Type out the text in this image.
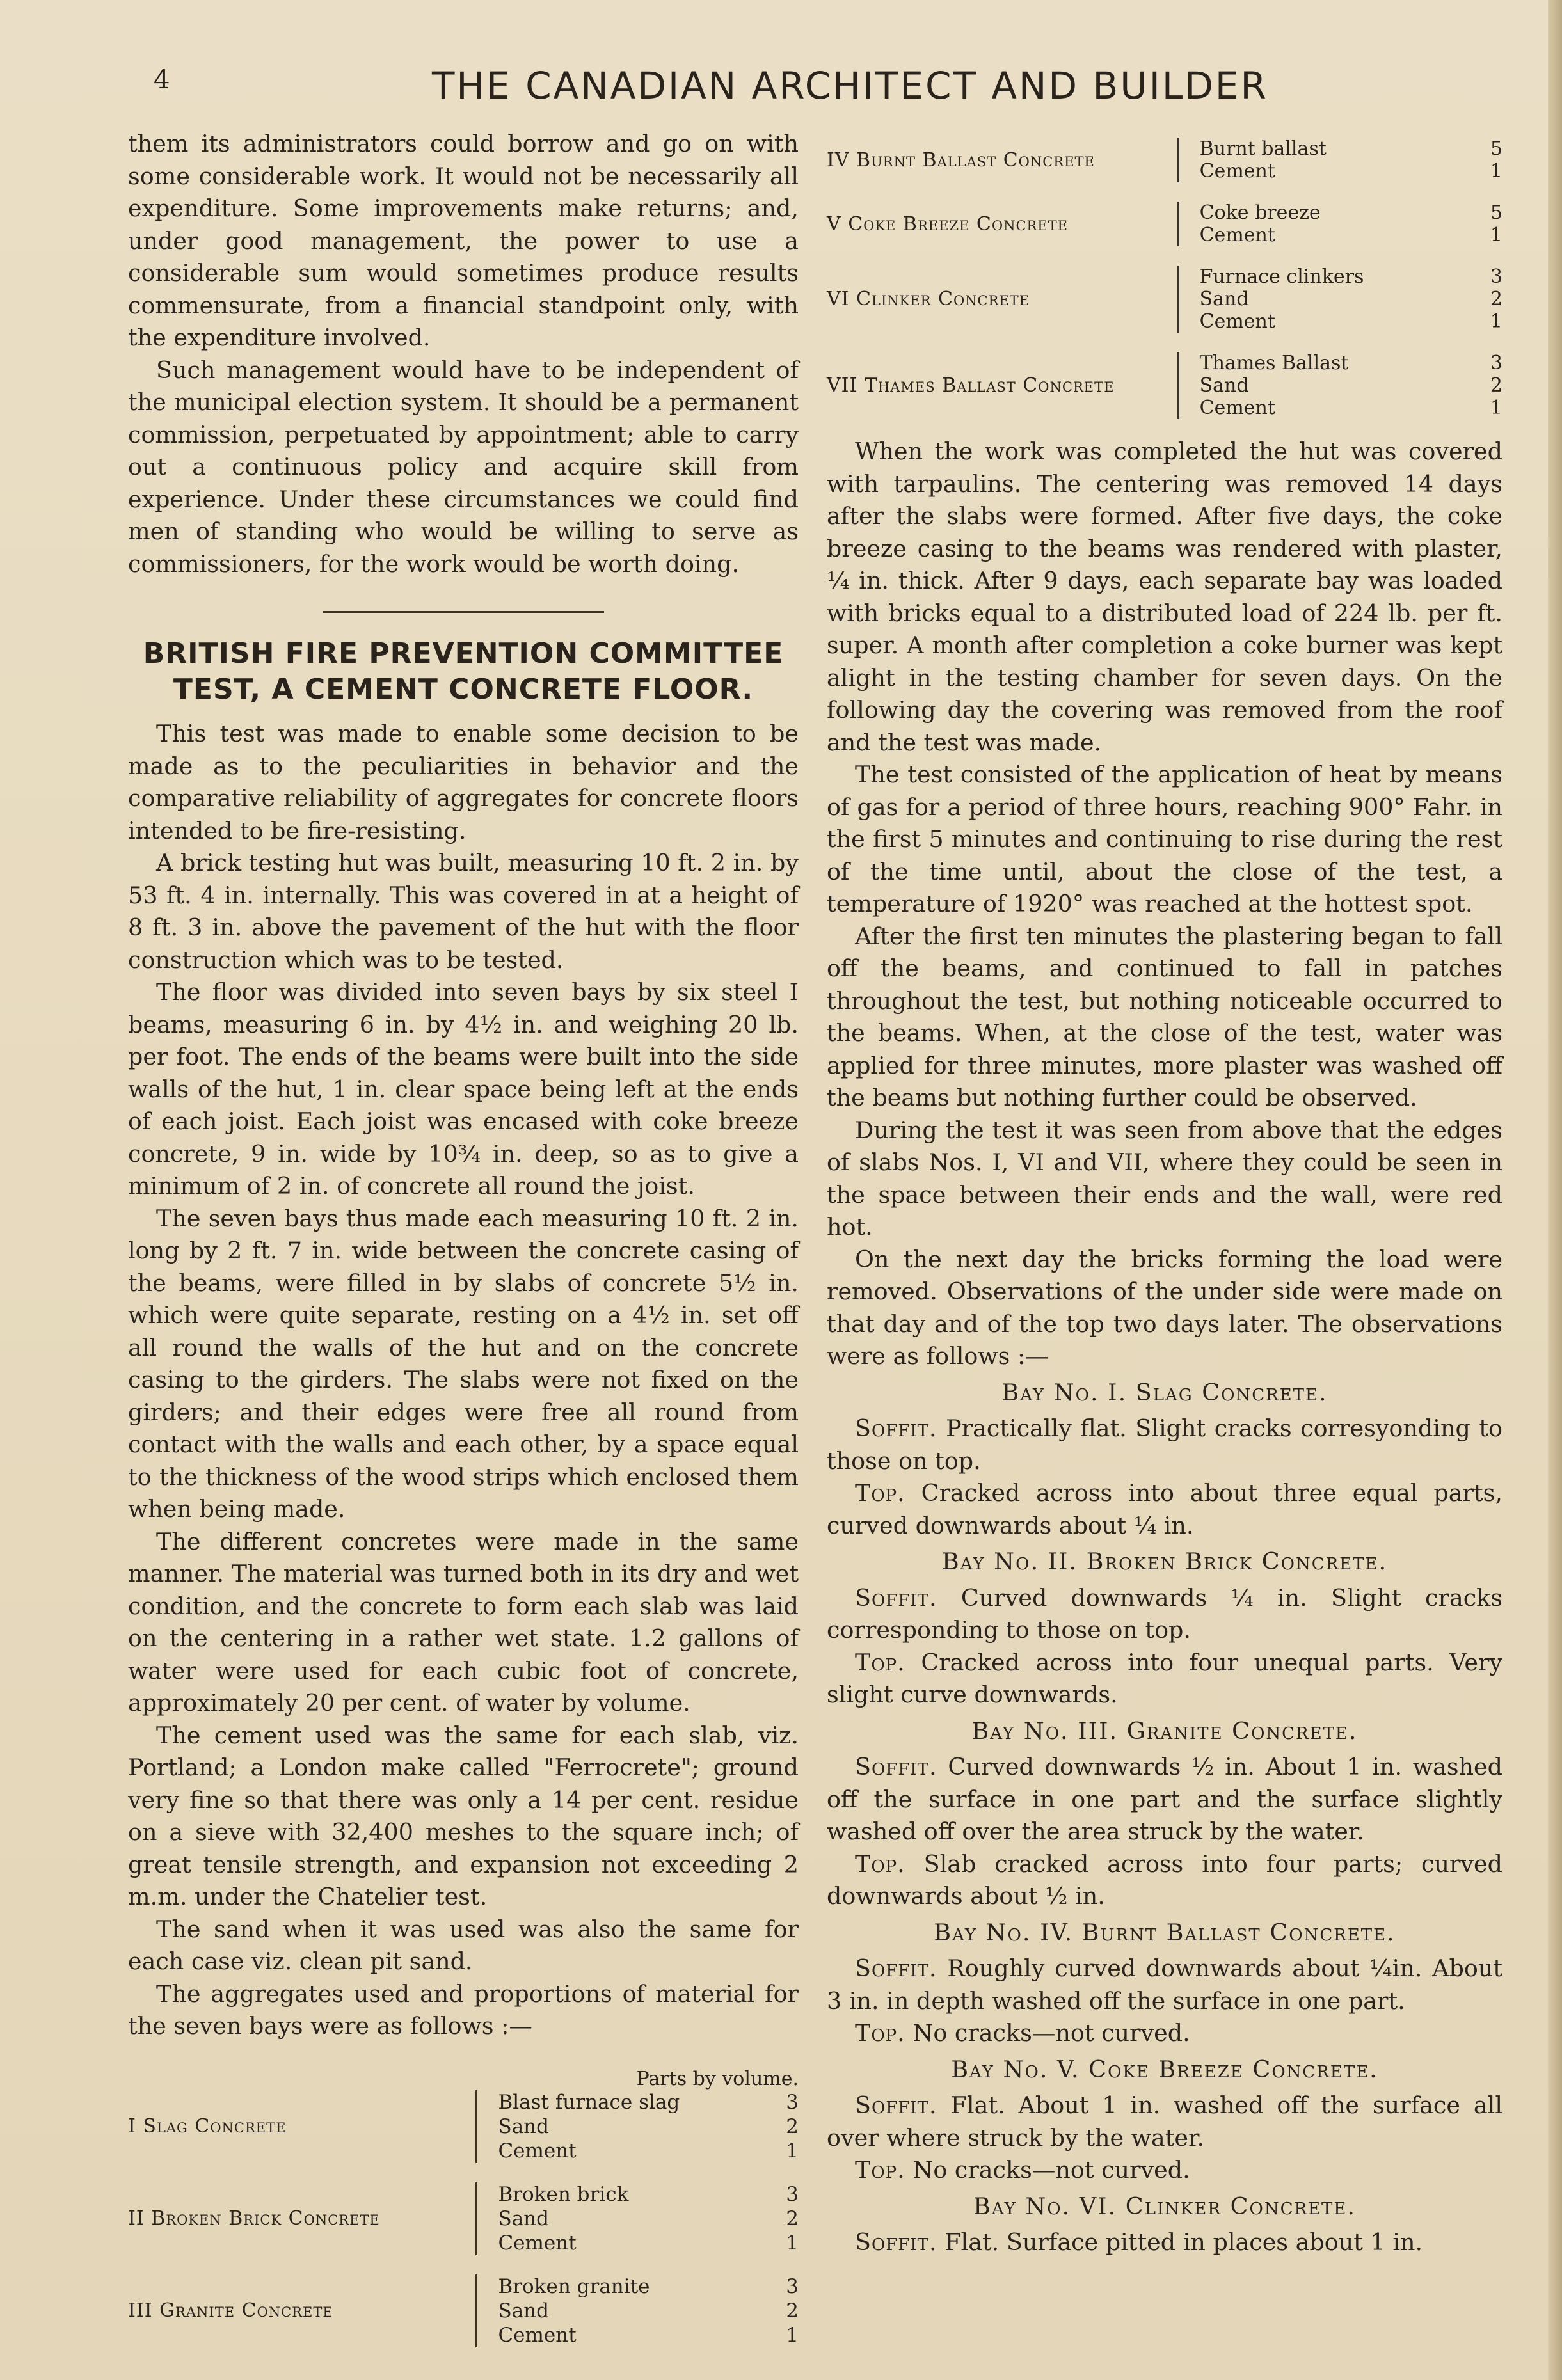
4	THE CANADIAN ARCHITECT AND BUILDER

them its administrators could borrow and go on with some considerable work. It would not be necessarily all expenditure. Some improvements make returns; and, under good management, the power to use a considerable sum would sometimes produce results commensurate, from a financial standpoint only, with the expenditure involved.

Such management would have to be independent of the municipal election system. It should be a permanent commission, perpetuated by appointment; able to carry out a continuous policy and acquire skill from experience. Under these circumstances we could find men of standing who would be willing to serve as commissioners, for the work would be worth doing.

BRITISH FIRE PREVENTION COMMITTEE TEST, A CEMENT CONCRETE FLOOR.

This test was made to enable some decision to be made as to the peculiarities in behavior and the comparative reliability of aggregates for concrete floors intended to be fire-resisting.

A brick testing hut was built, measuring 10 ft. 2 in. by 53 ft. 4 in. internally. This was covered in at a height of 8 ft. 3 in. above the pavement of the hut with the floor construction which was to be tested.

The floor was divided into seven bays by six steel I beams, measuring 6 in. by 4½ in. and weighing 20 lb. per foot. The ends of the beams were built into the side walls of the hut, 1 in. clear space being left at the ends of each joist. Each joist was encased with coke breeze concrete, 9 in. wide by 10¾ in. deep, so as to give a minimum of 2 in. of concrete all round the joist.

The seven bays thus made each measuring 10 ft. 2 in. long by 2 ft. 7 in. wide between the concrete casing of the beams, were filled in by slabs of concrete 5½ in. which were quite separate, resting on a 4½ in. set off all round the walls of the hut and on the concrete casing to the girders. The slabs were not fixed on the girders; and their edges were free all round from contact with the walls and each other, by a space equal to the thickness of the wood strips which enclosed them when being made.

The different concretes were made in the same manner. The material was turned both in its dry and wet condition, and the concrete to form each slab was laid on the centering in a rather wet state. 1.2 gallons of water were used for each cubic foot of concrete, approximately 20 per cent. of water by volume.

The cement used was the same for each slab, viz. Portland; a London make called "Ferrocrete"; ground very fine so that there was only a 14 per cent. residue on a sieve with 32,400 meshes to the square inch; of great tensile strength, and expansion not exceeding 2 m.m. under the Chatelier test.

The sand when it was used was also the same for each case viz. clean pit sand.

The aggregates used and proportions of material for the seven bays were as follows :—

Parts by volume.
I Slag Concrete		Blast furnace slag	3
		Sand	2
		Cement	1

II Broken Brick Concrete		Broken brick	3
		Sand	2
		Cement	1

III Granite Concrete		Broken granite	3
		Sand	2
		Cement	1
IV Burnt Ballast Concrete		Burnt ballast	5
		Cement	1

V Coke Breeze Concrete		Coke breeze	5
		Cement	1

VI Clinker Concrete		Furnace clinkers	3
		Sand	2
		Cement	1

VII Thames Ballast Concrete		Thames Ballast	3
		Sand	2
		Cement	1

When the work was completed the hut was covered with tarpaulins. The centering was removed 14 days after the slabs were formed. After five days, the coke breeze casing to the beams was rendered with plaster, ¼ in. thick. After 9 days, each separate bay was loaded with bricks equal to a distributed load of 224 lb. per ft. super. A month after completion a coke burner was kept alight in the testing chamber for seven days. On the following day the covering was removed from the roof and the test was made.

The test consisted of the application of heat by means of gas for a period of three hours, reaching 900° Fahr. in the first 5 minutes and continuing to rise during the rest of the time until, about the close of the test, a temperature of 1920° was reached at the hottest spot.

After the first ten minutes the plastering began to fall off the beams, and continued to fall in patches throughout the test, but nothing noticeable occurred to the beams. When, at the close of the test, water was applied for three minutes, more plaster was washed off the beams but nothing further could be observed.

During the test it was seen from above that the edges of slabs Nos. I, VI and VII, where they could be seen in the space between their ends and the wall, were red hot.

On the next day the bricks forming the load were removed. Observations of the under side were made on that day and of the top two days later. The observations were as follows :—

Bay No. I. Slag Concrete.

Soffit. Practically flat. Slight cracks corresyonding to those on top.

Top. Cracked across into about three equal parts, curved downwards about ¼ in.

Bay No. II. Broken Brick Concrete.

Soffit. Curved downwards ¼ in. Slight cracks corresponding to those on top.

Top. Cracked across into four unequal parts. Very slight curve downwards.

Bay No. III. Granite Concrete.

Soffit. Curved downwards ½ in. About 1 in. washed off the surface in one part and the surface slightly washed off over the area struck by the water.

Top. Slab cracked across into four parts; curved downwards about ½ in.

Bay No. IV. Burnt Ballast Concrete.

Soffit. Roughly curved downwards about ¼in. About 3 in. in depth washed off the surface in one part.

Top. No cracks—not curved.

Bay No. V. Coke Breeze Concrete.

Soffit. Flat. About 1 in. washed off the surface all over where struck by the water.

Top. No cracks—not curved.

Bay No. VI. Clinker Concrete.

Soffit. Flat. Surface pitted in places about 1 in.
